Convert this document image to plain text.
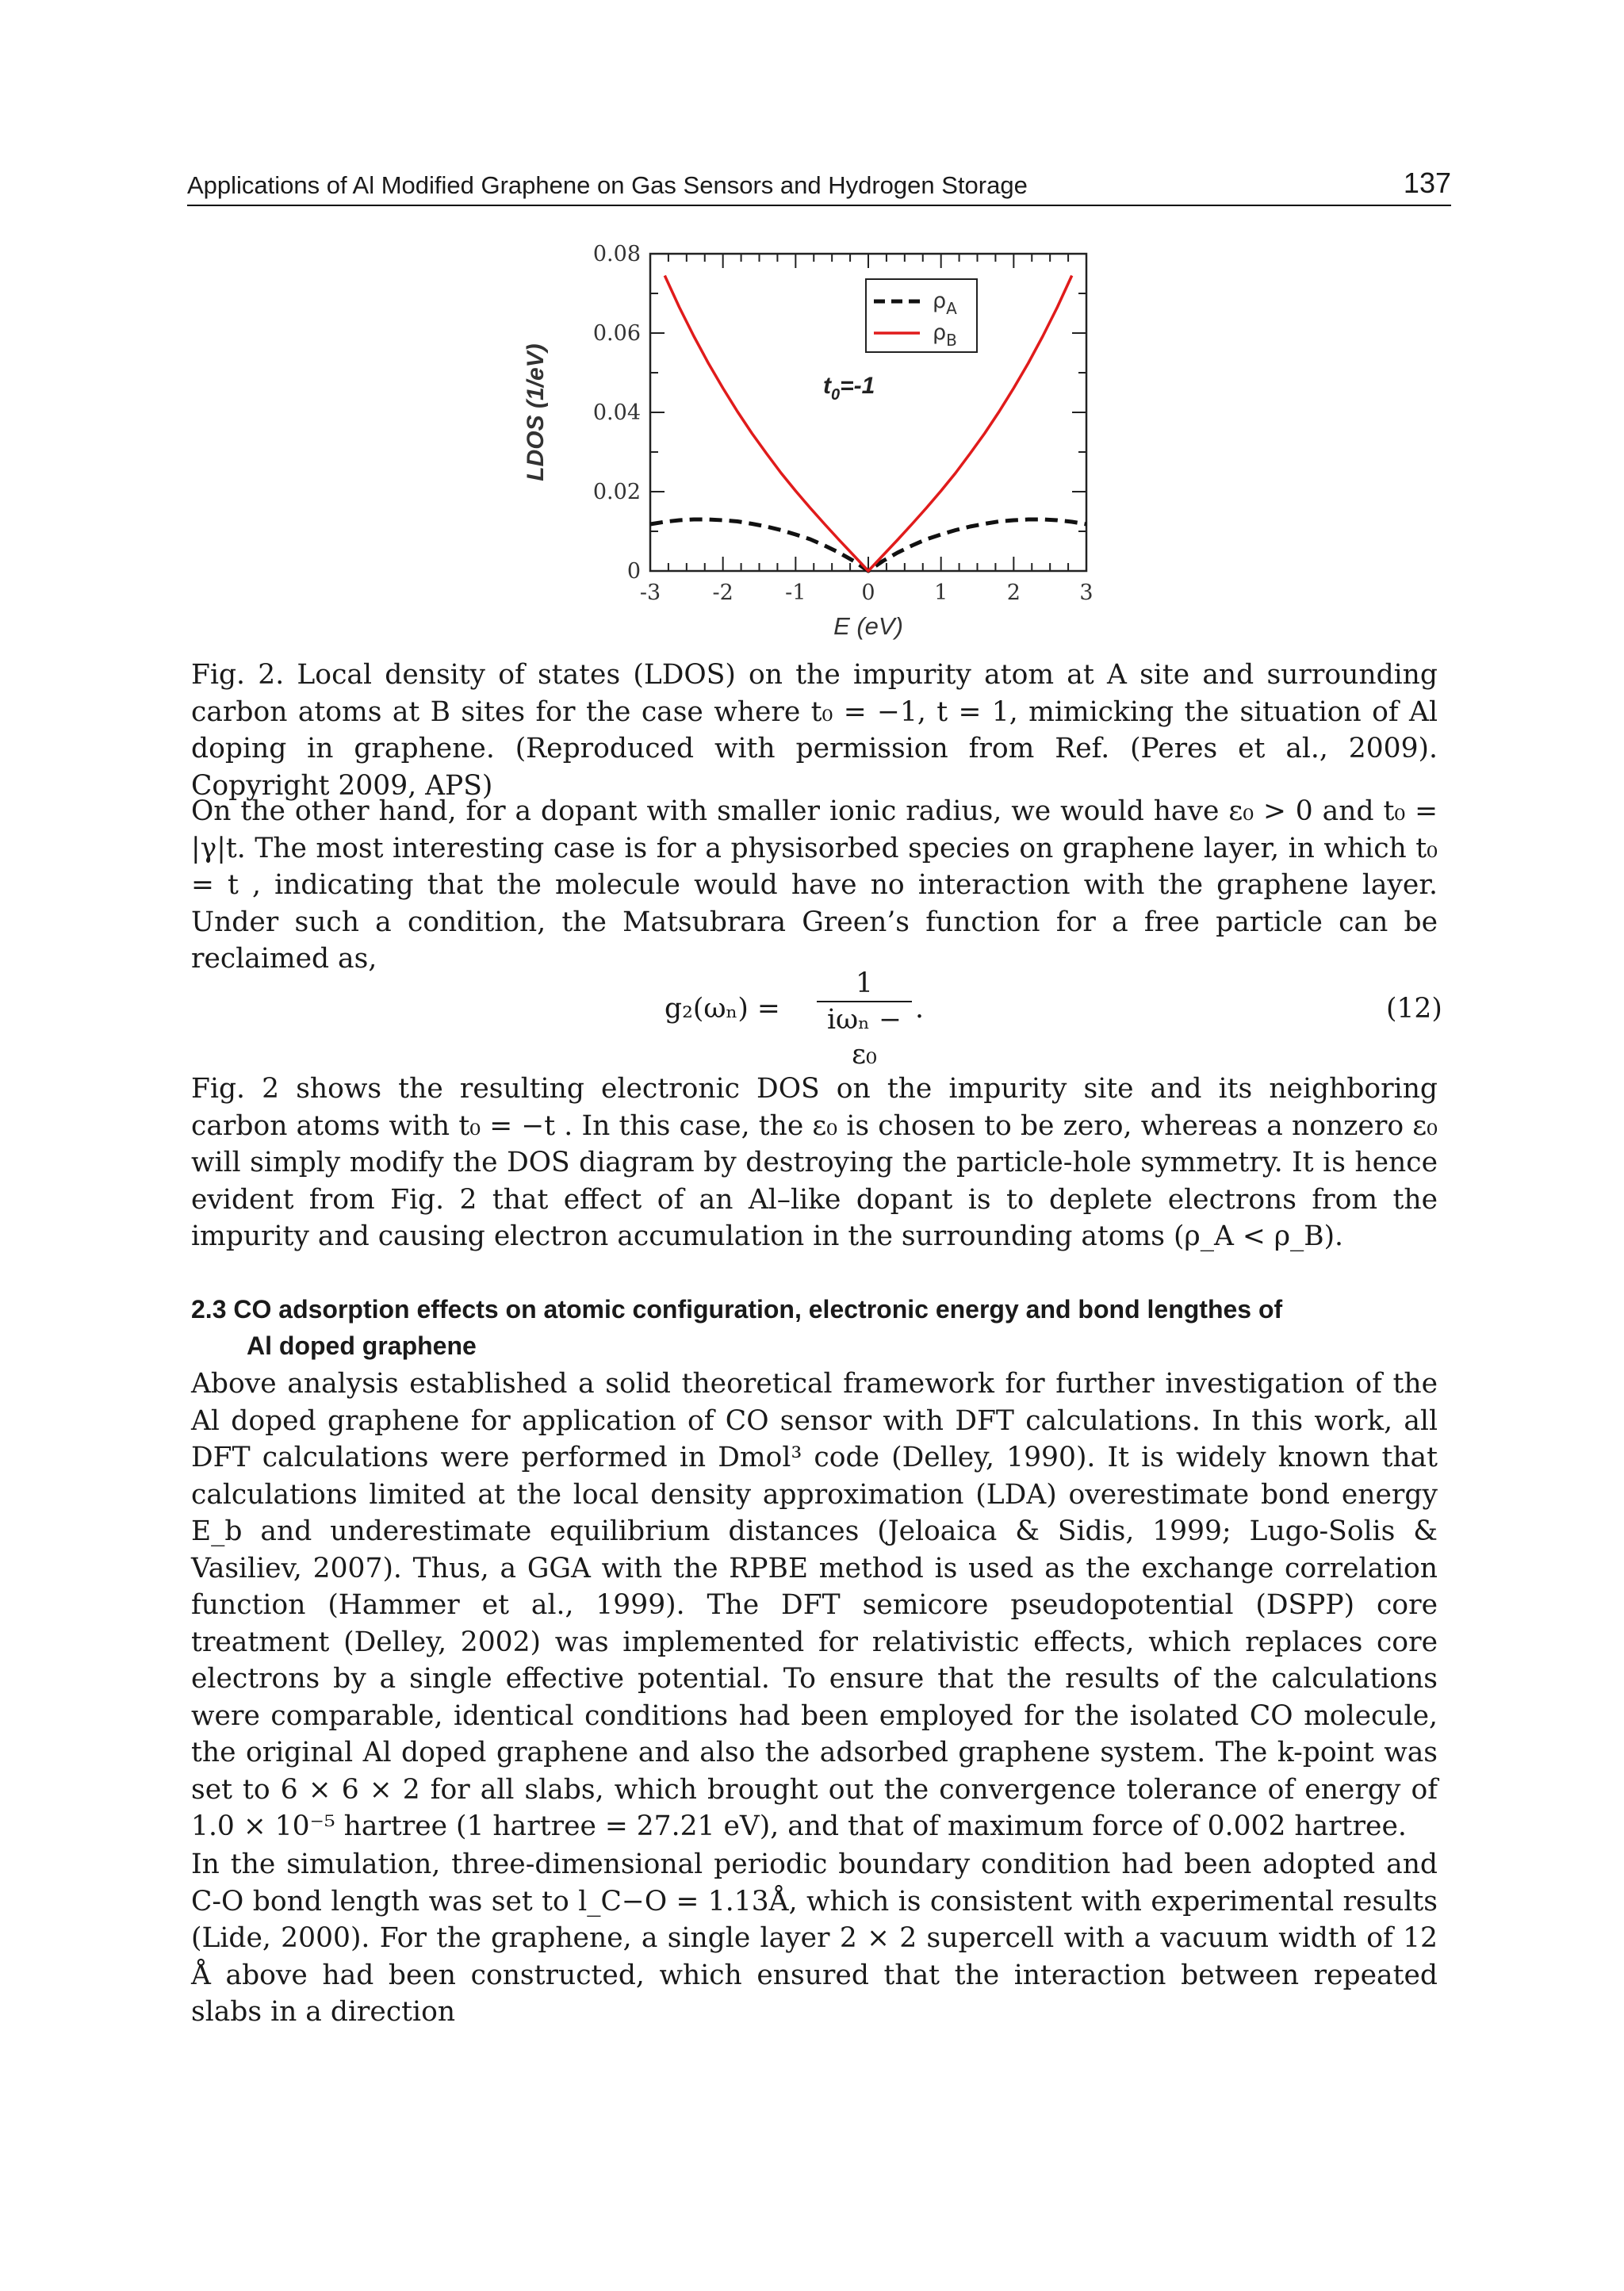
Applications of Al Modified Graphene on Gas Sensors and Hydrogen Storage	137
-3 -2 -1	0	1	2	3
0
0.02
0.04
0.06
0.08
E (eV)
LDOS (1/eV)
$\rho_A$
$\rho_B$
$t_0=-1$

Fig. 2. Local density of states (LDOS) on the impurity atom at A site and surrounding carbon atoms at B sites for the case where t₀ = −1, t = 1, mimicking the situation of Al doping in graphene. (Reproduced with permission from Ref. (Peres et al., 2009). Copyright 2009, APS)

On the other hand, for a dopant with smaller ionic radius, we would have ε₀ > 0 and t₀ = |γ|t. The most interesting case is for a physisorbed species on graphene layer, in which t₀ = t , indicating that the molecule would have no interaction with the graphene layer. Under such a condition, the Matsubrara Green’s function for a free particle can be reclaimed as,

g₂(ωₙ) =
1
iωₙ − ε₀
.	(12)

Fig. 2 shows the resulting electronic DOS on the impurity site and its neighboring carbon atoms with t₀ = −t . In this case, the ε₀ is chosen to be zero, whereas a nonzero ε₀ will simply modify the DOS diagram by destroying the particle-hole symmetry. It is hence evident from Fig. 2 that effect of an Al–like dopant is to deplete electrons from the impurity and causing electron accumulation in the surrounding atoms (ρ_A < ρ_B).

2.3 CO adsorption effects on atomic configuration, electronic energy and bond lengthes of
Al doped graphene

Above analysis established a solid theoretical framework for further investigation of the Al doped graphene for application of CO sensor with DFT calculations. In this work, all DFT calculations were performed in Dmol³ code (Delley, 1990). It is widely known that calculations limited at the local density approximation (LDA) overestimate bond energy E_b and underestimate equilibrium distances (Jeloaica & Sidis, 1999; Lugo-Solis & Vasiliev, 2007). Thus, a GGA with the RPBE method is used as the exchange correlation function (Hammer et al., 1999). The DFT semicore pseudopotential (DSPP) core treatment (Delley, 2002) was implemented for relativistic effects, which replaces core electrons by a single effective potential. To ensure that the results of the calculations were comparable, identical conditions had been employed for the isolated CO molecule, the original Al doped graphene and also the adsorbed graphene system. The k-point was set to 6 × 6 × 2 for all slabs, which brought out the convergence tolerance of energy of 1.0 × 10⁻⁵ hartree (1 hartree = 27.21 eV), and that of maximum force of 0.002 hartree.

In the simulation, three-dimensional periodic boundary condition had been adopted and C-O bond length was set to l_C−O = 1.13Å, which is consistent with experimental results (Lide, 2000). For the graphene, a single layer 2 × 2 supercell with a vacuum width of 12 Å above had been constructed, which ensured that the interaction between repeated slabs in a direction
